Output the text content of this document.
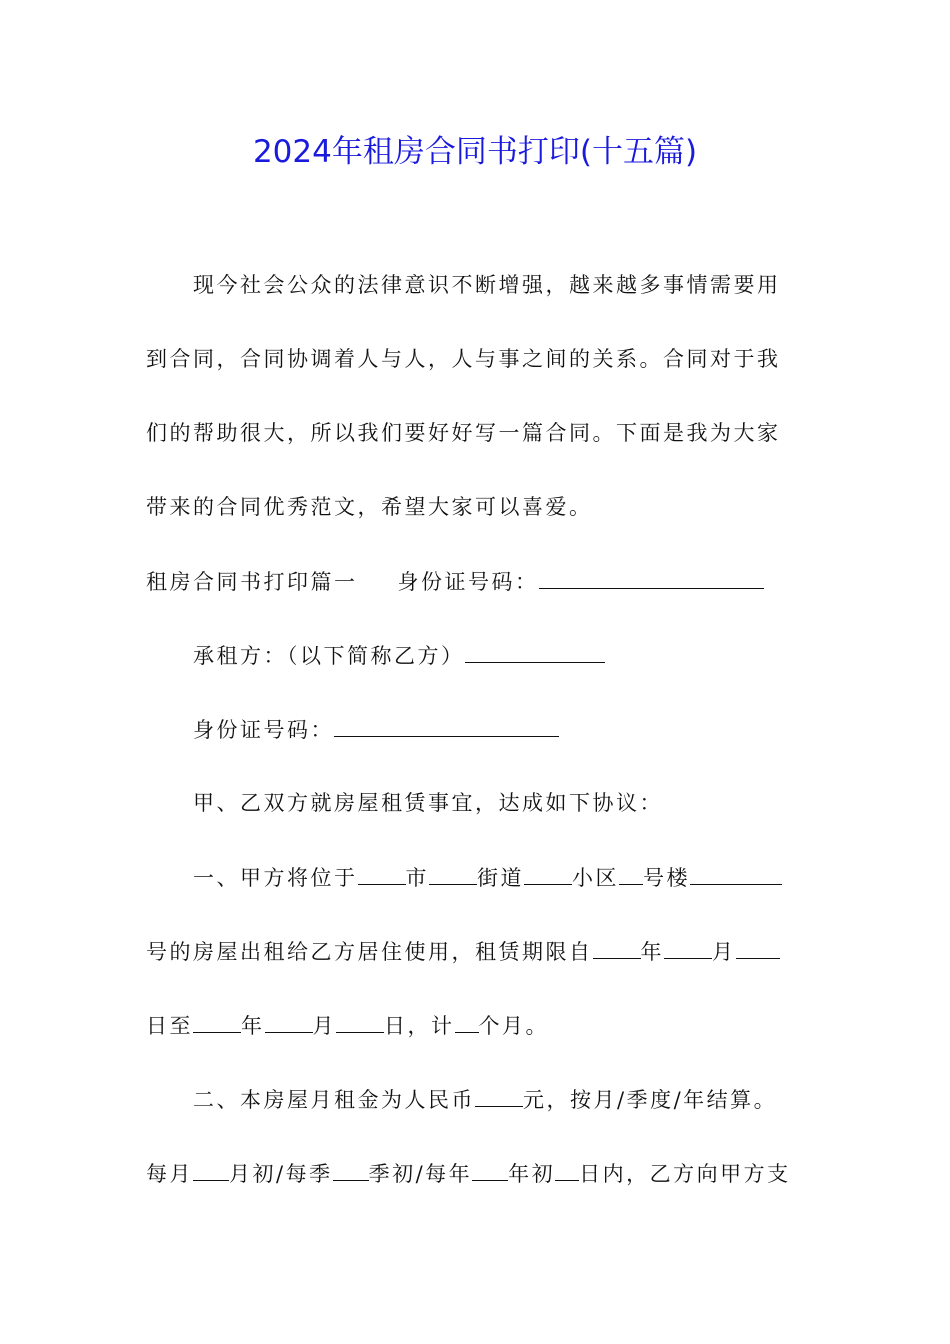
2024年租房合同书打印(十五篇)
现今社会公众的法律意识不断增强，越来越多事情需要用
到合同，合同协调着人与人，人与事之间的关系。合同对于我
们的帮助很大，所以我们要好好写一篇合同。下面是我为大家
带来的合同优秀范文，希望大家可以喜爱。
租房合同书打印篇一 身份证号码：
承租方：（以下简称乙方）
身份证号码：
甲、乙双方就房屋租赁事宜，达成如下协议：
一、甲方将位于 市 街道 小区 号楼
号的房屋出租给乙方居住使用，租赁期限自 年 月
日至 年 月 日，计 个月。
二、本房屋月租金为人民币 元，按月/季度/年结算。
每月 月初/每季 季初/每年 年初 日内，乙方向甲方支
